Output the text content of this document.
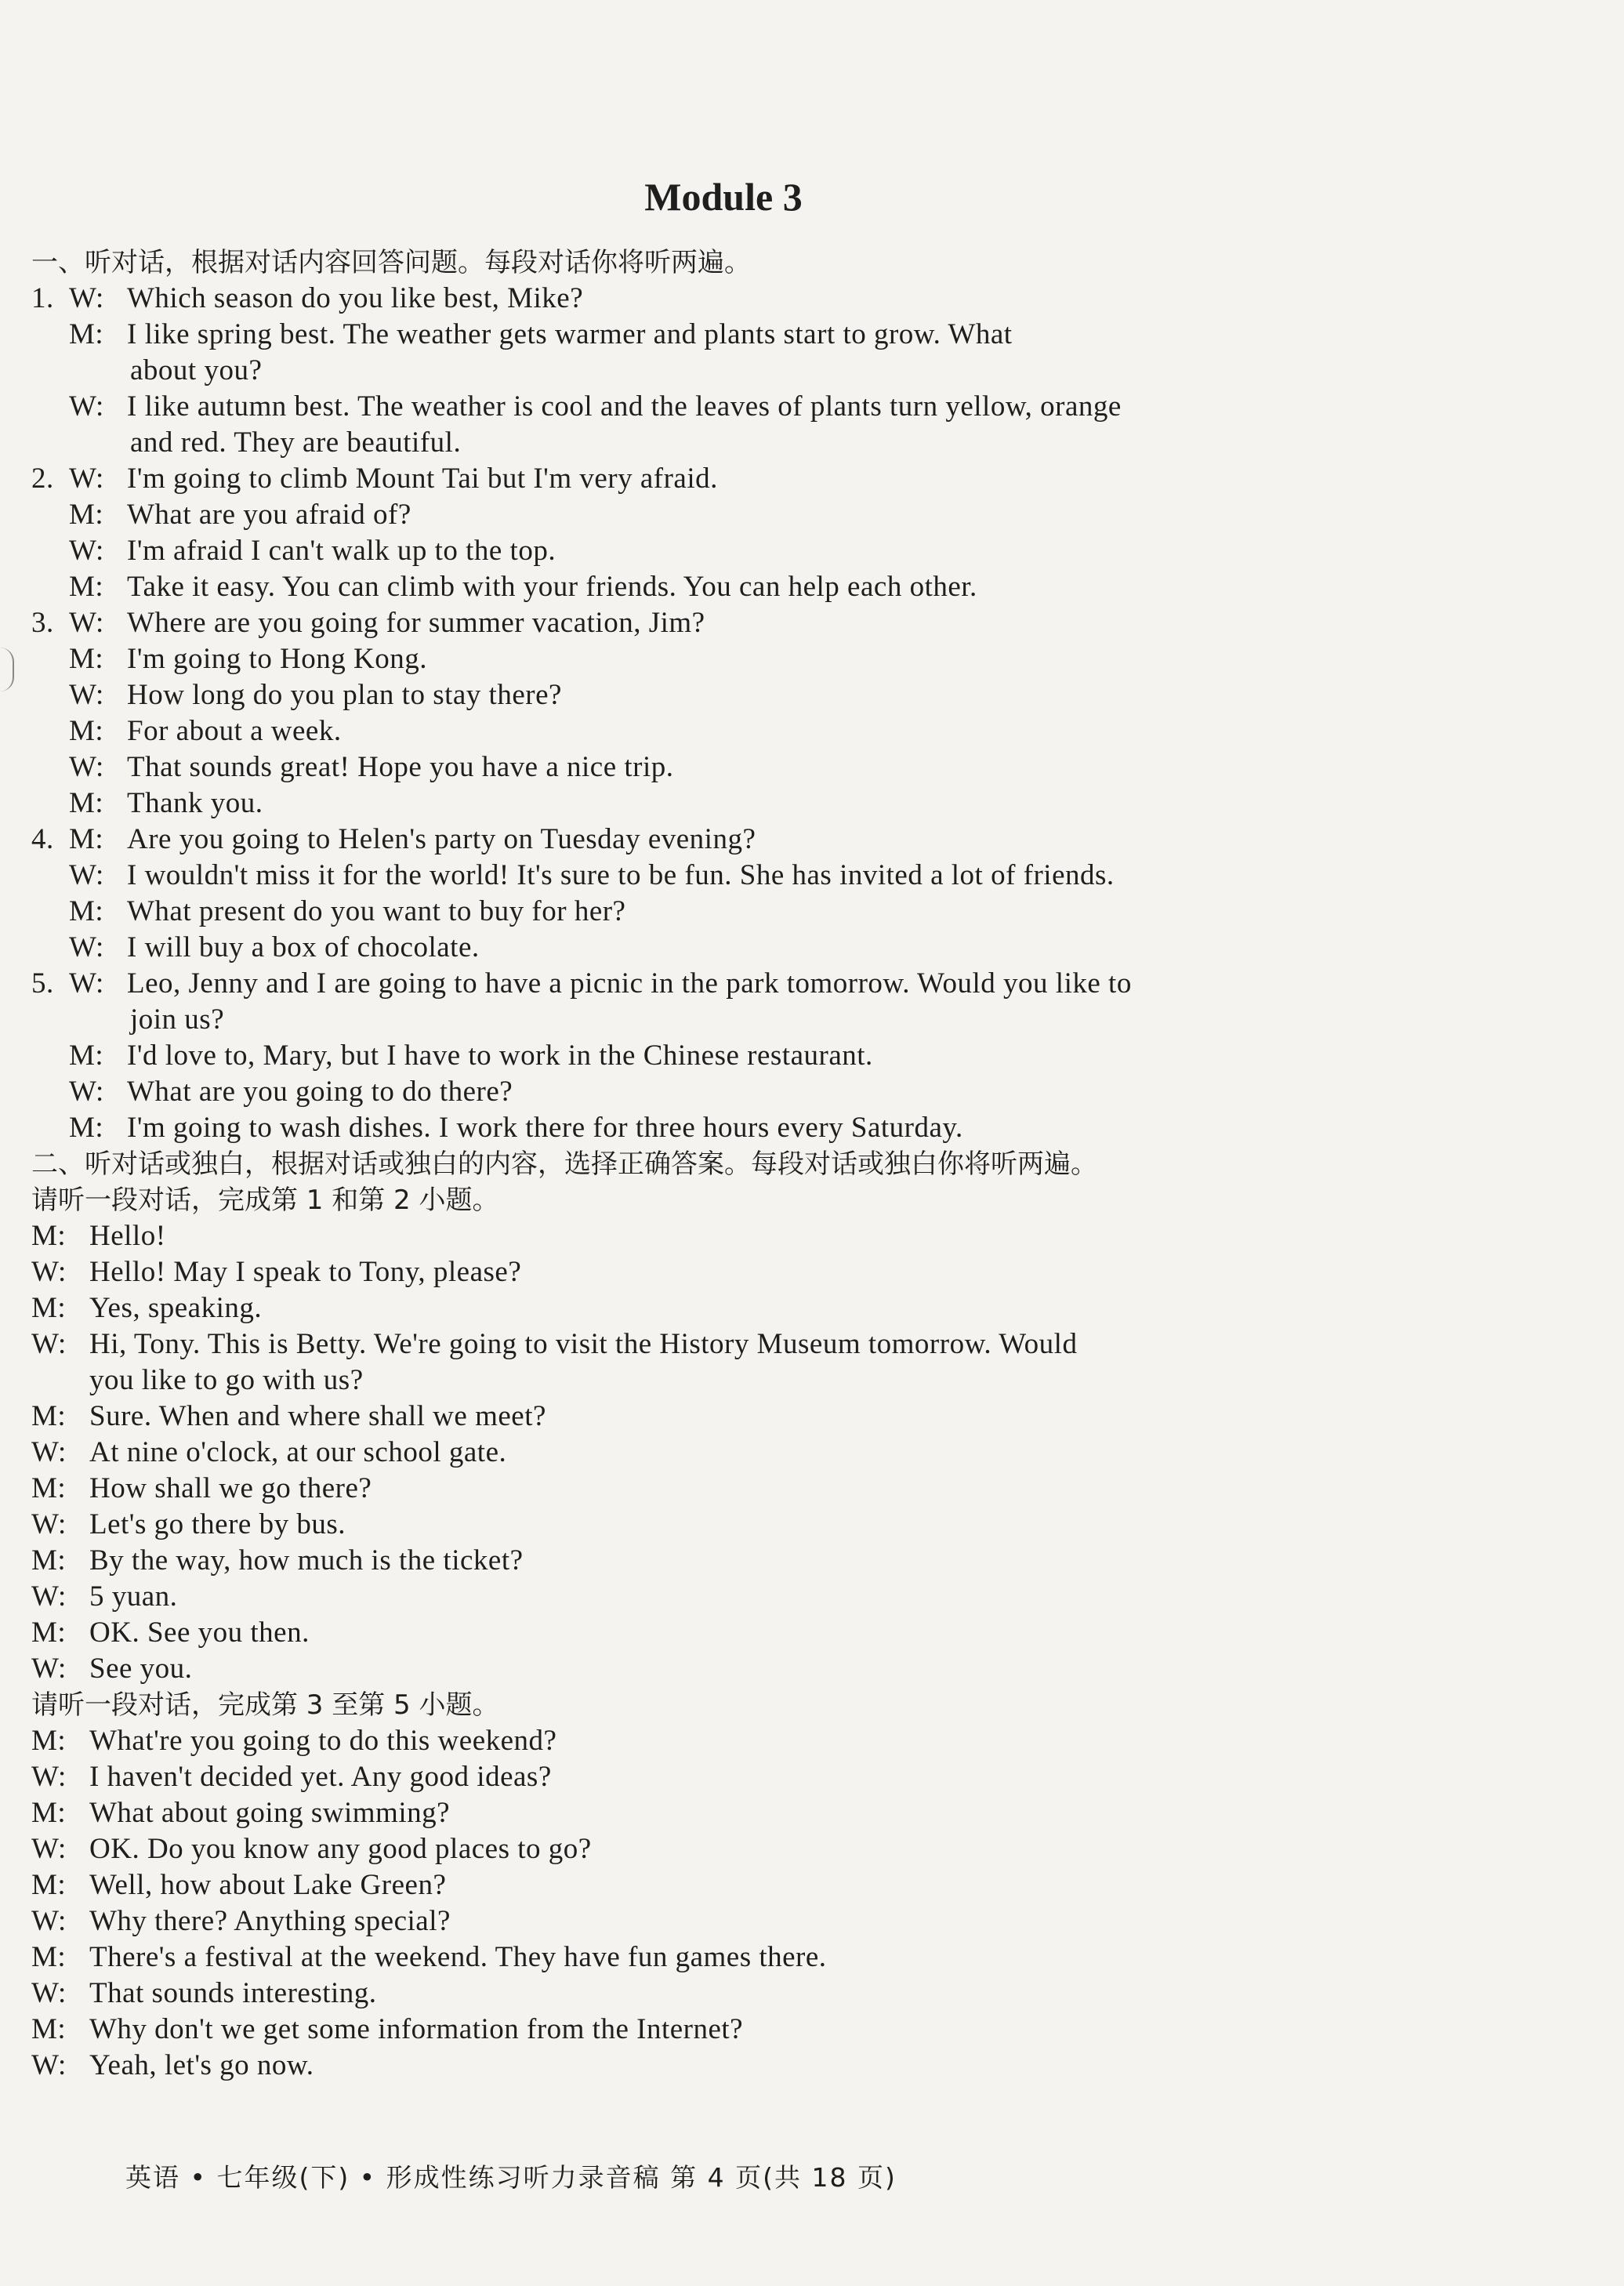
Module 3
一、听对话，根据对话内容回答问题。每段对话你将听两遍。
1. W: Which season do you like best, Mike?
M: I like spring best. The weather gets warmer and plants start to grow. What
about you?
W: I like autumn best. The weather is cool and the leaves of plants turn yellow, orange
and red. They are beautiful.
2. W: I'm going to climb Mount Tai but I'm very afraid.
M: What are you afraid of?
W: I'm afraid I can't walk up to the top.
M: Take it easy. You can climb with your friends. You can help each other.
3. W: Where are you going for summer vacation, Jim?
M: I'm going to Hong Kong.
W: How long do you plan to stay there?
M: For about a week.
W: That sounds great! Hope you have a nice trip.
M: Thank you.
4. M: Are you going to Helen's party on Tuesday evening?
W: I wouldn't miss it for the world! It's sure to be fun. She has invited a lot of friends.
M: What present do you want to buy for her?
W: I will buy a box of chocolate.
5. W: Leo, Jenny and I are going to have a picnic in the park tomorrow. Would you like to
join us?
M: I'd love to, Mary, but I have to work in the Chinese restaurant.
W: What are you going to do there?
M: I'm going to wash dishes. I work there for three hours every Saturday.
二、听对话或独白，根据对话或独白的内容，选择正确答案。每段对话或独白你将听两遍。
请听一段对话，完成第 1 和第 2 小题。
M: Hello!
W: Hello! May I speak to Tony, please?
M: Yes, speaking.
W: Hi, Tony. This is Betty. We're going to visit the History Museum tomorrow. Would
you like to go with us?
M: Sure. When and where shall we meet?
W: At nine o'clock, at our school gate.
M: How shall we go there?
W: Let's go there by bus.
M: By the way, how much is the ticket?
W: 5 yuan.
M: OK. See you then.
W: See you.
请听一段对话，完成第 3 至第 5 小题。
M: What're you going to do this weekend?
W: I haven't decided yet. Any good ideas?
M: What about going swimming?
W: OK. Do you know any good places to go?
M: Well, how about Lake Green?
W: Why there? Anything special?
M: There's a festival at the weekend. They have fun games there.
W: That sounds interesting.
M: Why don't we get some information from the Internet?
W: Yeah, let's go now.
英语 • 七年级(下) • 形成性练习听力录音稿 第 4 页(共 18 页)
